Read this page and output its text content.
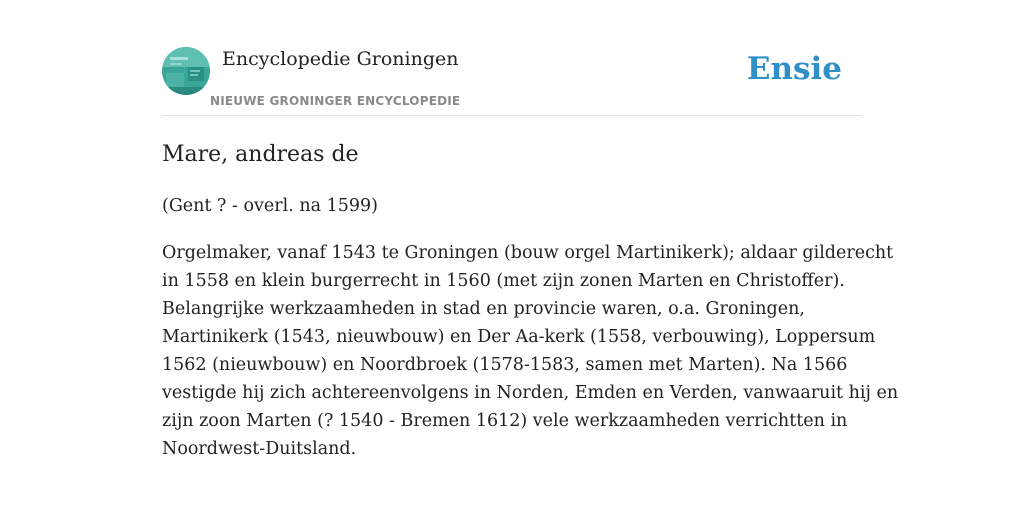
Encyclopedie Groningen
NIEUWE GRONINGER ENCYCLOPEDIE
Ensie
Mare, andreas de
(Gent ? - overl. na 1599)
Orgelmaker, vanaf 1543 te Groningen (bouw orgel Martinikerk); aldaar gilderecht
in 1558 en klein burgerrecht in 1560 (met zijn zonen Marten en Christoffer).
Belangrijke werkzaamheden in stad en provincie waren, o.a. Groningen,
Martinikerk (1543, nieuwbouw) en Der Aa-kerk (1558, verbouwing), Loppersum
1562 (nieuwbouw) en Noordbroek (1578-1583, samen met Marten). Na 1566
vestigde hij zich achtereenvolgens in Norden, Emden en Verden, vanwaaruit hij en
zijn zoon Marten (? 1540 - Bremen 1612) vele werkzaamheden verrichtten in
Noordwest-Duitsland.
